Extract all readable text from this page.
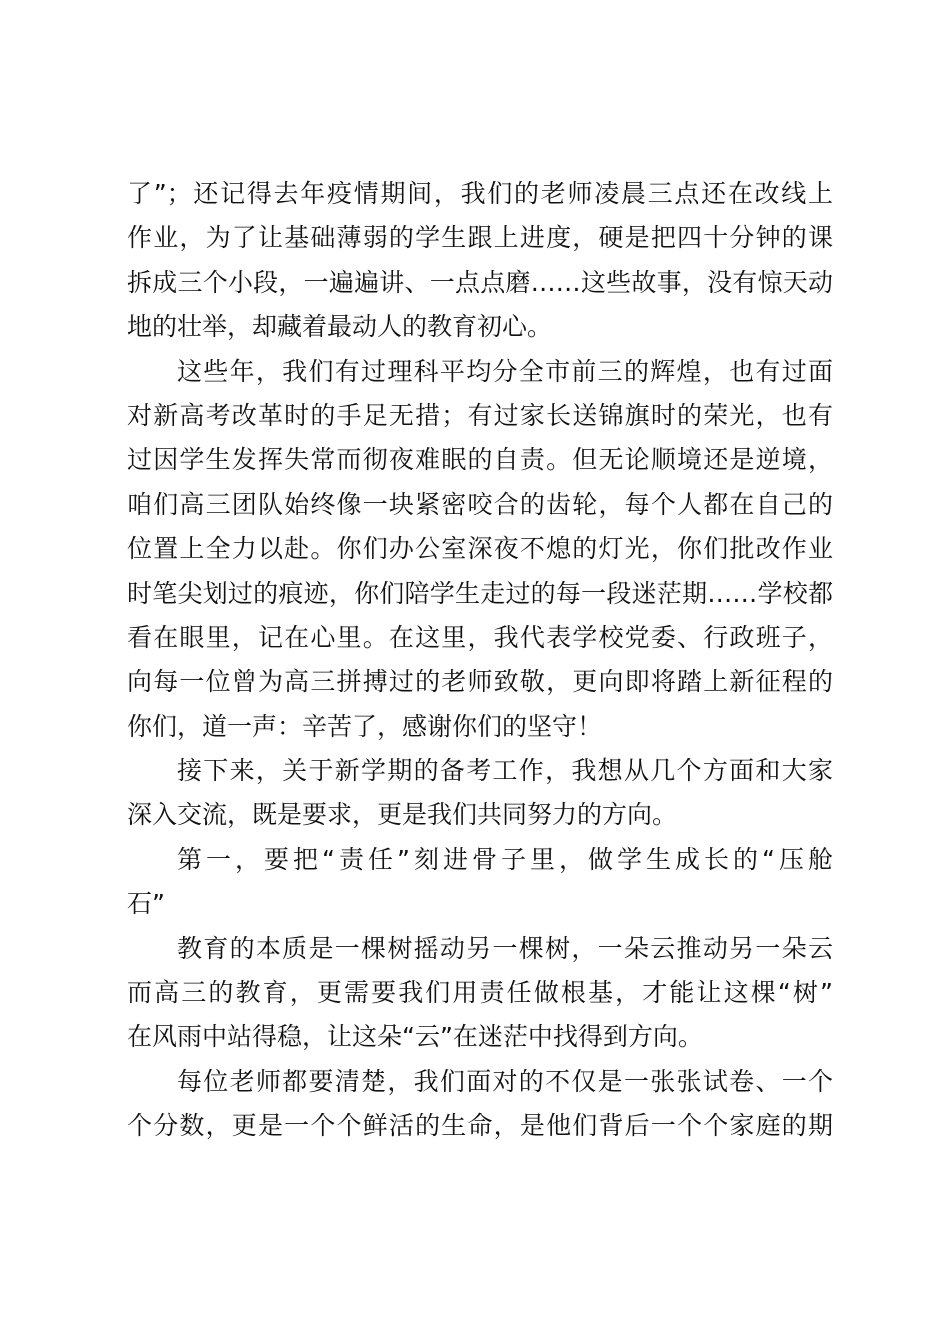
了”；还记得去年疫情期间，我们的老师凌晨三点还在改线上
作业，为了让基础薄弱的学生跟上进度，硬是把四十分钟的课
拆成三个小段，一遍遍讲、一点点磨……这些故事，没有惊天动
地的壮举，却藏着最动人的教育初心。
这些年，我们有过理科平均分全市前三的辉煌，也有过面
对新高考改革时的手足无措；有过家长送锦旗时的荣光，也有
过因学生发挥失常而彻夜难眠的自责。但无论顺境还是逆境，
咱们高三团队始终像一块紧密咬合的齿轮，每个人都在自己的
位置上全力以赴。你们办公室深夜不熄的灯光，你们批改作业
时笔尖划过的痕迹，你们陪学生走过的每一段迷茫期……学校都
看在眼里，记在心里。在这里，我代表学校党委、行政班子，
向每一位曾为高三拼搏过的老师致敬，更向即将踏上新征程的
你们，道一声：辛苦了，感谢你们的坚守！
接下来，关于新学期的备考工作，我想从几个方面和大家
深入交流，既是要求，更是我们共同努力的方向。
第一，要把“责任”刻进骨子里，做学生成长的“压舱
石”
教育的本质是一棵树摇动另一棵树，一朵云推动另一朵云
而高三的教育，更需要我们用责任做根基，才能让这棵“树”
在风雨中站得稳，让这朵“云”在迷茫中找得到方向。
每位老师都要清楚，我们面对的不仅是一张张试卷、一个
个分数，更是一个个鲜活的生命，是他们背后一个个家庭的期
